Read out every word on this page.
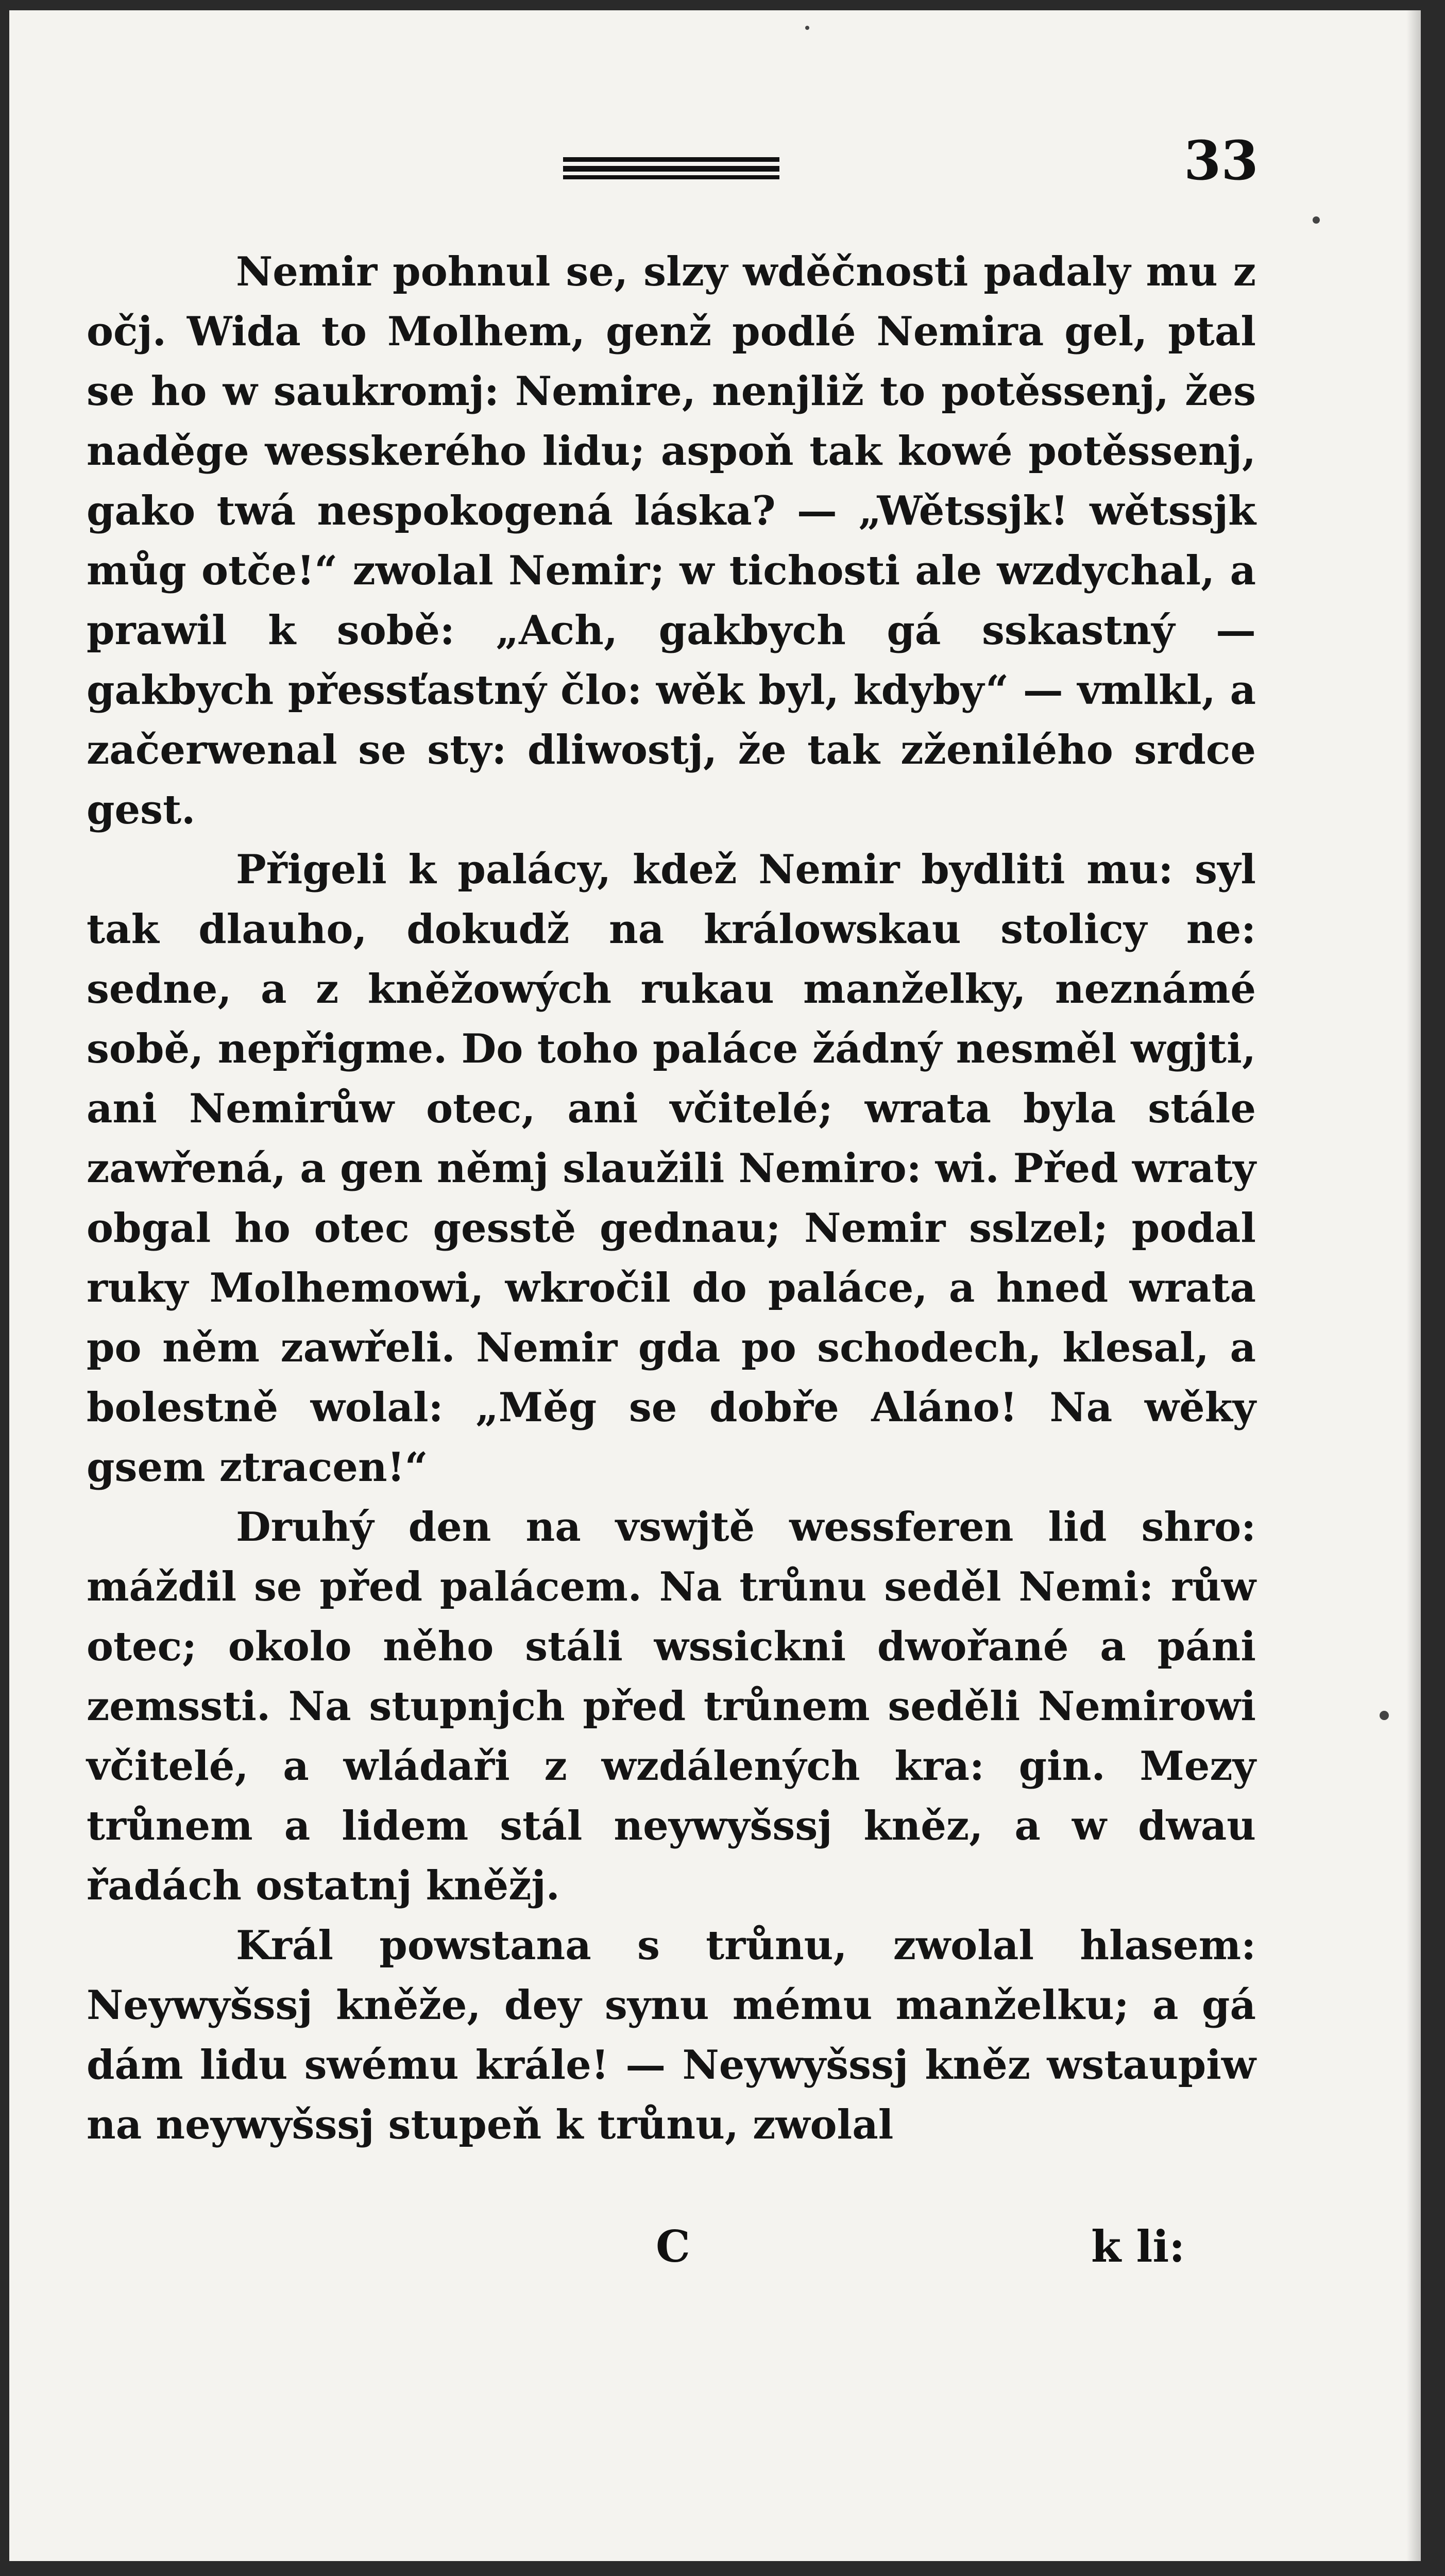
33

Nemir pohnul se, slzy wděčnosti padaly mu z očj. Wida to Molhem, genž podlé Nemira gel, ptal se ho w saukromj: Nemire, nenjliž to potěssenj, žes naděge wesskerého lidu; aspoň tak kowé potěssenj, gako twá nespokogená láska? — „Wětssjk! wětssjk můg otče!“ zwolal Nemir; w tichosti ale wzdychal, a prawil k sobě: „Ach, gakbych gá sskastný — gakbych přessťastný člo: wěk byl, kdyby“ — vmlkl, a začerwenal se sty: dliwostj, že tak zženilého srdce gest.

Přigeli k palácy, kdež Nemir bydliti mu: syl tak dlauho, dokudž na králowskau stolicy ne: sedne, a z kněžowých rukau manželky, neznámé sobě, nepřigme. Do toho paláce žádný nesměl wgjti, ani Nemirůw otec, ani včitelé; wrata byla stále zawřená, a gen němj slaužili Nemiro: wi. Před wraty obgal ho otec gesstě gednau; Nemir sslzel; podal ruky Molhemowi, wkročil do paláce, a hned wrata po něm zawřeli. Nemir gda po schodech, klesal, a bolestně wolal: „Měg se dobře Aláno! Na wěky gsem ztracen!“

Druhý den na vswjtě wessferen lid shro: máždil se před palácem. Na trůnu seděl Nemi: růw otec; okolo něho stáli wssickni dwořané a páni zemssti. Na stupnjch před trůnem seděli Nemirowi včitelé, a wládaři z wzdálených kra: gin. Mezy trůnem a lidem stál neywyšssj kněz, a w dwau řadách ostatnj kněžj.

Král powstana s trůnu, zwolal hlasem: Neywyšssj kněže, dey synu mému manželku; a gá dám lidu swému krále! — Neywyšssj kněz wstaupiw na neywyšssj stupeň k trůnu, zwolal

C	k li:
